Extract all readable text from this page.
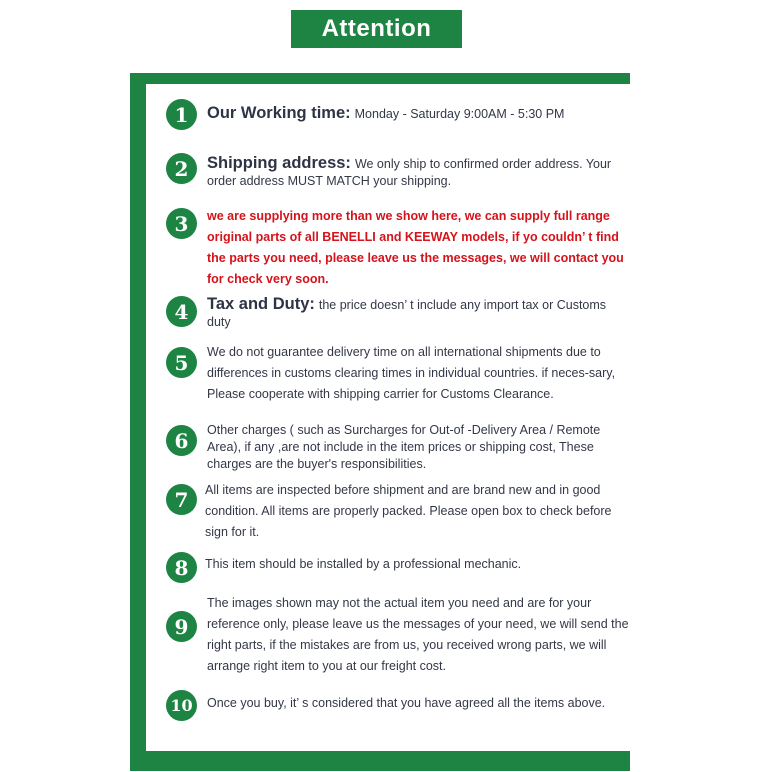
Attention
1	Our Working time: Monday - Saturday 9:00AM - 5:30 PM
2	Shipping address: We only ship to confirmed order address. Your order address MUST MATCH your shipping.
3	we are supplying more than we show here, we can supply full range original parts of all BENELLI and KEEWAY models, if yo couldn’ t find the parts you need, please leave us the messages, we will contact you for check very soon.
4	Tax and Duty: the price doesn’ t include any import tax or Customs duty
5	We do not guarantee delivery time on all international shipments due to differences in customs clearing times in individual countries. if neces-sary, Please cooperate with shipping carrier for Customs Clearance.
6	Other charges ( such as Surcharges for Out-of -Delivery Area / Remote Area), if any ,are not include in the item prices or shipping cost, These charges are the buyer's responsibilities.
7	All items are inspected before shipment and are brand new and in good condition. All items are properly packed. Please open box to check before sign for it.
8	This item should be installed by a professional mechanic.
9
The images shown may not the actual item you need and are for your reference only, please leave us the messages of your need, we will send the right parts, if the mistakes are from us, you received wrong parts, we will arrange right item to you at our freight cost.
10	Once you buy, it’ s considered that you have agreed all the items above.
